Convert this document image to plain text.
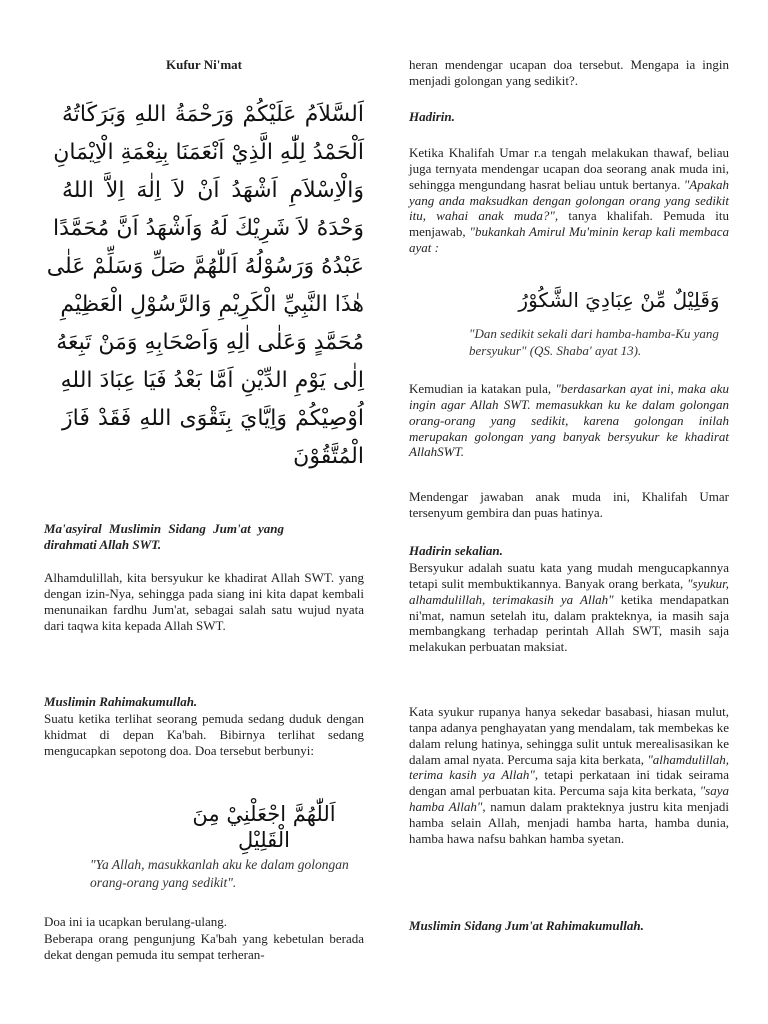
Kufur Ni'mat
اَلسَّلاَمُ عَلَيْكُمْ وَرَحْمَةُ اللهِ وَبَرَكَاتُهُ
اَلْحَمْدُ لِلّٰهِ الَّذِيْ اَنْعَمَنَا بِنِعْمَةِ الْاِيْمَانِ
وَالْاِسْلاَمِ اَشْهَدُ اَنْ لاَ اِلٰهَ اِلاَّ اللهُ
وَحْدَهُ لاَ شَرِيْكَ لَهُ وَاَشْهَدُ اَنَّ مُحَمَّدًا
عَبْدُهُ وَرَسُوْلُهُ اَللّٰهُمَّ صَلِّ وَسَلِّمْ عَلٰى
هٰذَا النَّبِيِّ الْكَرِيْمِ وَالرَّسُوْلِ الْعَظِيْمِ
مُحَمَّدٍ وَعَلٰى اٰلِهِ وَاَصْحَابِهِ وَمَنْ تَبِعَهُ
اِلٰى يَوْمِ الدِّيْنِ اَمَّا بَعْدُ فَيَا عِبَادَ اللهِ
اُوْصِيْكُمْ وَاِيَّايَ بِتَقْوَى اللهِ فَقَدْ فَازَ
الْمُتَّقُوْنَ

Ma'asyiral Muslimin Sidang Jum'at yang dirahmati Allah SWT.

Alhamdulillah, kita bersyukur ke khadirat Allah SWT. yang dengan izin-Nya, sehingga pada siang ini kita dapat kembali menunaikan fardhu Jum'at, sebagai salah satu wujud nyata dari taqwa kita kepada Allah SWT.

Muslimin Rahimakumullah.

Suatu ketika terlihat seorang pemuda sedang duduk dengan khidmat di depan Ka'bah. Bibirnya terlihat sedang mengucapkan sepotong doa. Doa tersebut berbunyi:

اَللّٰهُمَّ اجْعَلْنِيْ مِنَ الْقَلِيْلِ
"Ya Allah, masukkanlah aku ke dalam golongan orang-orang yang sedikit".

Doa ini ia ucapkan berulang-ulang.

Beberapa orang pengunjung Ka'bah yang kebetulan berada dekat dengan pemuda itu sempat terheran-

heran mendengar ucapan doa tersebut. Mengapa ia ingin menjadi golongan yang sedikit?.

Hadirin.

Ketika Khalifah Umar r.a tengah melakukan thawaf, beliau juga ternyata mendengar ucapan doa seorang anak muda ini, sehingga mengundang hasrat beliau untuk bertanya. "Apakah yang anda maksudkan dengan golongan orang yang sedikit itu, wahai anak muda?", tanya khalifah. Pemuda itu menjawab, "bukankah Amirul Mu'minin kerap kali membaca ayat :

وَقَلِيْلٌ مِّنْ عِبَادِيَ الشَّكُوْرُ
"Dan sedikit sekali dari hamba-hamba-Ku yang bersyukur" (QS. Shaba' ayat 13).

Kemudian ia katakan pula, "berdasarkan ayat ini, maka aku ingin agar Allah SWT. memasukkan ku ke dalam golongan orang-orang yang sedikit, karena golongan inilah merupakan golongan yang banyak bersyukur ke khadirat AllahSWT.

Mendengar jawaban anak muda ini, Khalifah Umar tersenyum gembira dan puas hatinya.

Hadirin sekalian.

Bersyukur adalah suatu kata yang mudah mengucapkannya tetapi sulit membuktikannya. Banyak orang berkata, "syukur, alhamdulillah, terimakasih ya Allah" ketika mendapatkan ni'mat, namun setelah itu, dalam prakteknya, ia masih saja membangkang terhadap perintah Allah SWT, masih saja melakukan perbuatan maksiat.

Kata syukur rupanya hanya sekedar basabasi, hiasan mulut, tanpa adanya penghayatan yang mendalam, tak membekas ke dalam relung hatinya, sehingga sulit untuk merealisasikan ke dalam amal nyata. Percuma saja kita berkata, "alhamdulillah, terima kasih ya Allah", tetapi perkataan ini tidak seirama dengan amal perbuatan kita. Percuma saja kita berkata, "saya hamba Allah", namun dalam prakteknya justru kita menjadi hamba selain Allah, menjadi hamba harta, hamba dunia, hamba hawa nafsu bahkan hamba syetan.

Muslimin Sidang Jum'at Rahimakumullah.
